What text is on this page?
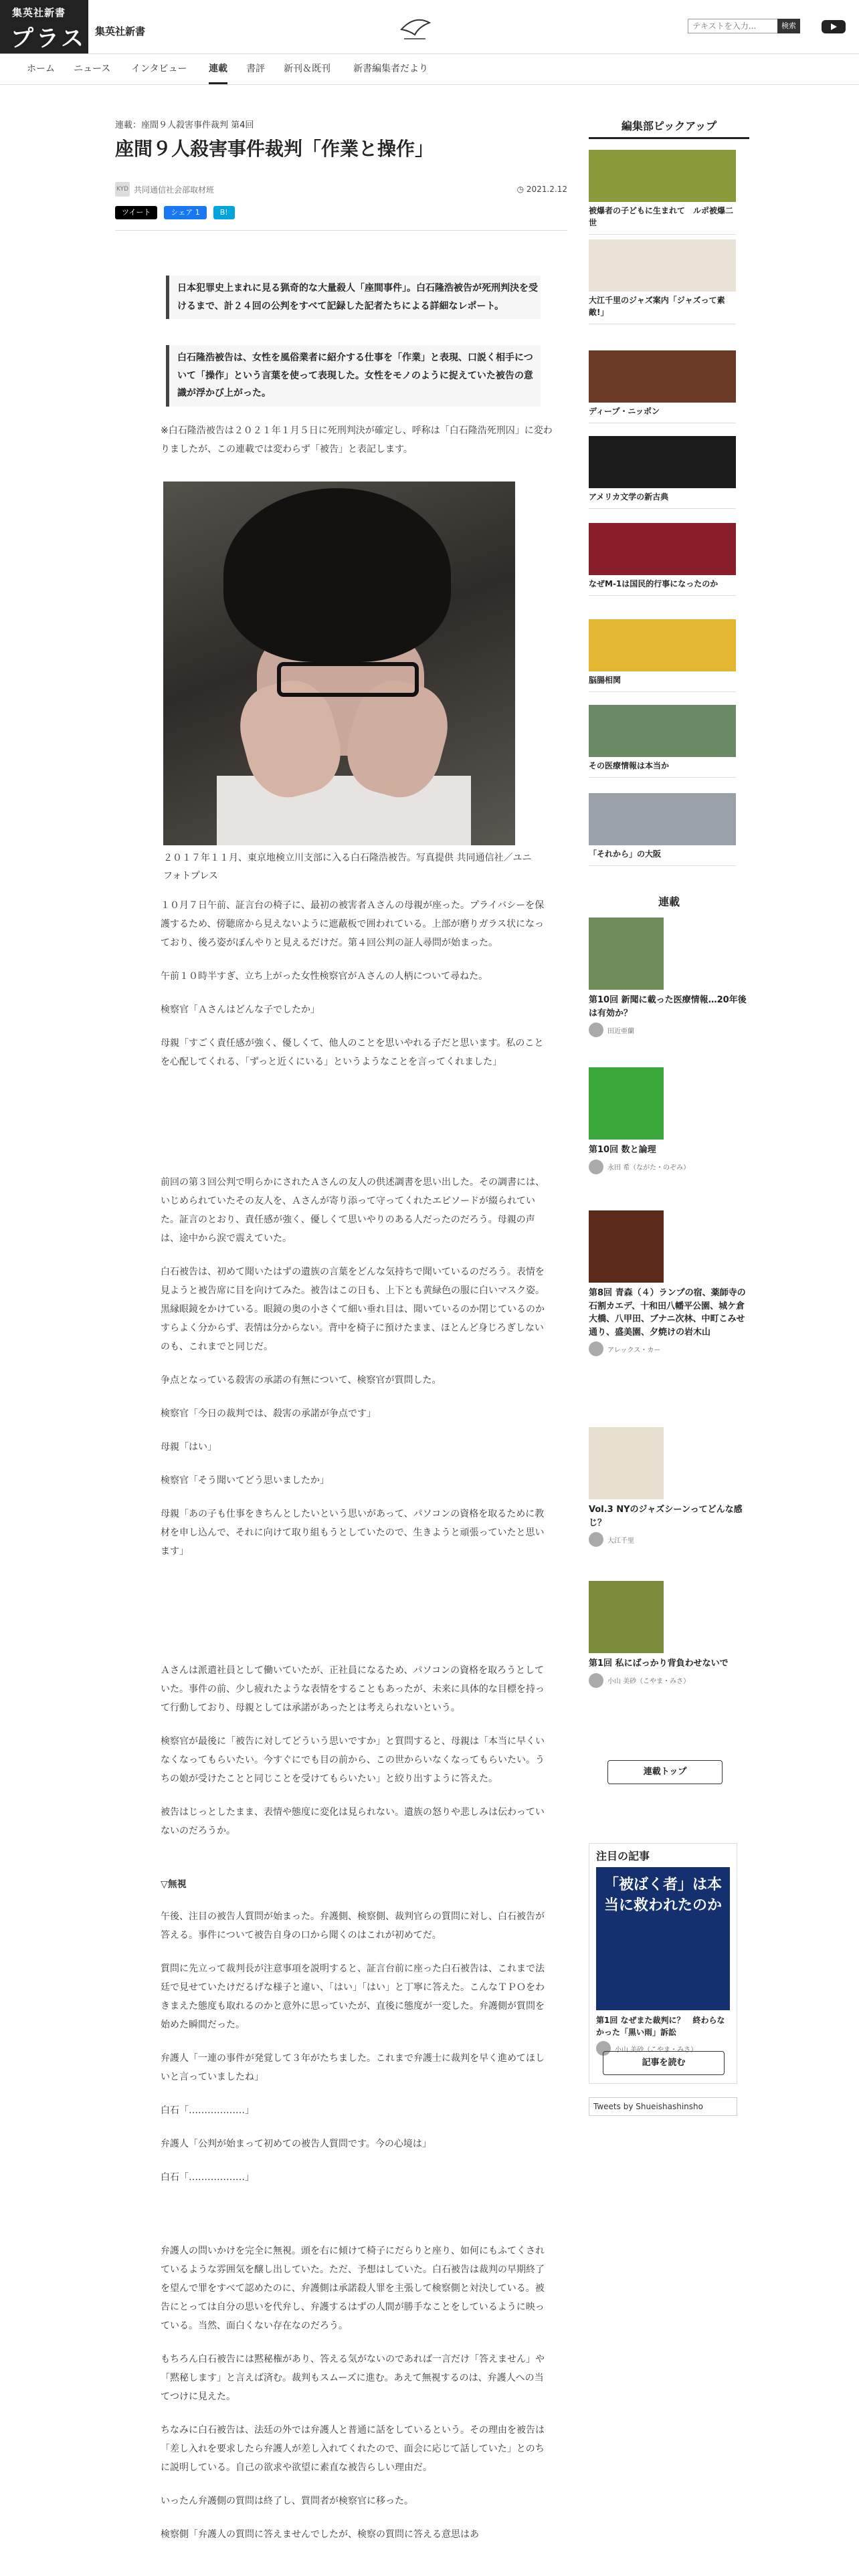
集英社新書
プラス 集英社新書
テキストを入力...	検索
ホーム ニュース インタビュー 連載 書評 新刊＆既刊 新書編集者だより
連載：座間９人殺害事件裁判 第4回
座間９人殺害事件裁判「作業と操作」
KYD 共同通信社会部取材班	◷ 2021.2.12
ツイート	シェア 1	B!
日本犯罪史上まれに見る猟奇的な大量殺人「座間事件」。白石隆浩被告が死刑判決を受けるまで、計２４回の公判をすべて記録した記者たちによる詳細なレポート。
白石隆浩被告は、女性を風俗業者に紹介する仕事を「作業」と表現、口説く相手について「操作」という言葉を使って表現した。女性をモノのように捉えていた被告の意識が浮かび上がった。
※白石隆浩被告は２０２１年１月５日に死刑判決が確定し、呼称は「白石隆浩死刑囚」に変わりましたが、この連載では変わらず「被告」と表記します。
２０１７年１１月、東京地検立川支部に入る白石隆浩被告。写真提供 共同通信社／ユニフォトプレス

１０月７日午前、証言台の椅子に、最初の被害者Ａさんの母親が座った。プライバシーを保護するため、傍聴席から見えないように遮蔽板で囲われている。上部が磨りガラス状になっており、後ろ姿がぼんやりと見えるだけだ。第４回公判の証人尋問が始まった。

午前１０時半すぎ、立ち上がった女性検察官がＡさんの人柄について尋ねた。

検察官「Ａさんはどんな子でしたか」

母親「すごく責任感が強く、優しくて、他人のことを思いやれる子だと思います。私のことを心配してくれる、「ずっと近くにいる」というようなことを言ってくれました」

前回の第３回公判で明らかにされたＡさんの友人の供述調書を思い出した。その調書には、いじめられていたその友人を、Ａさんが寄り添って守ってくれたエピソードが綴られていた。証言のとおり、責任感が強く、優しくて思いやりのある人だったのだろう。母親の声は、途中から涙で震えていた。

白石被告は、初めて聞いたはずの遺族の言葉をどんな気持ちで聞いているのだろう。表情を見ようと被告席に目を向けてみた。被告はこの日も、上下とも黄緑色の服に白いマスク姿。黒縁眼鏡をかけている。眼鏡の奥の小さくて細い垂れ目は、聞いているのか閉じているのかすらよく分からず、表情は分からない。背中を椅子に預けたまま、ほとんど身じろぎしないのも、これまでと同じだ。

争点となっている殺害の承諾の有無について、検察官が質問した。

検察官「今日の裁判では、殺害の承諾が争点です」

母親「はい」

検察官「そう聞いてどう思いましたか」

母親「あの子も仕事をきちんとしたいという思いがあって、パソコンの資格を取るために教材を申し込んで、それに向けて取り組もうとしていたので、生きようと頑張っていたと思います」

Ａさんは派遣社員として働いていたが、正社員になるため、パソコンの資格を取ろうとしていた。事件の前、少し疲れたような表情をすることもあったが、未来に具体的な目標を持って行動しており、母親としては承諾があったとは考えられないという。

検察官が最後に「被告に対してどういう思いですか」と質問すると、母親は「本当に早くいなくなってもらいたい。今すぐにでも目の前から、この世からいなくなってもらいたい。うちの娘が受けたことと同じことを受けてもらいたい」と絞り出すように答えた。

被告はじっとしたまま、表情や態度に変化は見られない。遺族の怒りや悲しみは伝わっていないのだろうか。

▽無視

午後、注目の被告人質問が始まった。弁護側、検察側、裁判官らの質問に対し、白石被告が答える。事件について被告自身の口から聞くのはこれが初めてだ。

質問に先立って裁判長が注意事項を説明すると、証言台前に座った白石被告は、これまで法廷で見せていたけだるげな様子と違い、「はい」「はい」と丁寧に答えた。こんなＴＰＯをわきまえた態度も取れるのかと意外に思っていたが、直後に態度が一変した。弁護側が質問を始めた瞬間だった。

弁護人「一連の事件が発覚して３年がたちました。これまで弁護士に裁判を早く進めてほしいと言っていましたね」

白石「………………」

弁護人「公判が始まって初めての被告人質問です。今の心境は」

白石「………………」

弁護人の問いかけを完全に無視。頭を右に傾けて椅子にだらりと座り、如何にもふてくされているような雰囲気を醸し出していた。ただ、予想はしていた。白石被告は裁判の早期終了を望んで罪をすべて認めたのに、弁護側は承諾殺人罪を主張して検察側と対決している。被告にとっては自分の思いを代弁し、弁護するはずの人間が勝手なことをしているように映っている。当然、面白くない存在なのだろう。

もちろん白石被告には黙秘権があり、答える気がないのであれば一言だけ「答えません」や「黙秘します」と言えば済む。裁判もスムーズに進む。あえて無視するのは、弁護人への当てつけに見えた。

ちなみに白石被告は、法廷の外では弁護人と普通に話をしているという。その理由を被告は「差し入れを要求したら弁護人が差し入れてくれたので、面会に応じて話していた」とのちに説明している。自己の欲求や欲望に素直な被告らしい理由だ。

いったん弁護側の質問は終了し、質問者が検察官に移った。

検察側「弁護人の質問に答えませんでしたが、検察の質問に答える意思はあ

編集部ピックアップ
被爆者の子どもに生まれて　ルポ被爆二世
大江千里のジャズ案内「ジャズって素敵!」
ディープ・ニッポン
アメリカ文学の新古典
なぜM-1は国民的行事になったのか
脳腸相関
その医療情報は本当か
「それから」の大阪
連載
第10回 新聞に載った医療情報…20年後は有効か？
田近亜蘭
第10回 数と論理
永田 希（ながた・のぞみ）
第8回 青森（４）ランプの宿、薬師寺の石割カエデ、十和田八幡平公園、城ケ倉大橋、八甲田、ブナニ次林、中町こみせ通り、盛美園、夕焼けの岩木山
アレックス・カー
Vol.3 NYのジャズシーンってどんな感じ？
大江千里
第1回 私にばっかり背負わせないで
小山 美砂（こやま・みさ）
連載トップ
注目の記事
「被ばく者」は本当に救われたのか
第1回 なぜまた裁判に？　終わらなかった「黒い雨」訴訟
小山 美砂（こやま・みさ）
記事を読む
Tweets by Shueishashinsho
